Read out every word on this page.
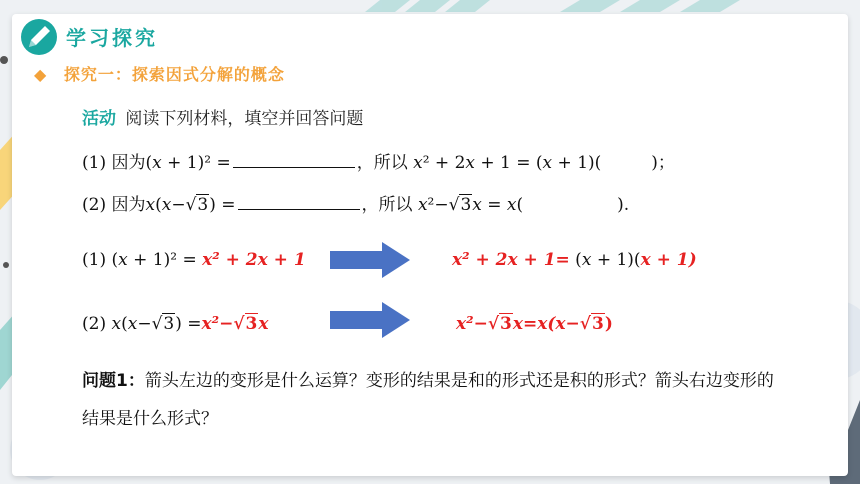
学习探究
◆ 探究一：探索因式分解的概念
活动 阅读下列材料，填空并回答问题
(1) 因为(x + 1)² =	，所以 x² + 2x + 1 = (x + 1)(	)；
(2) 因为x(x−√3) =	，所以 x²−√3x = x(	).
(1) (x + 1)² = x² + 2x + 1	x² + 2x + 1= (x + 1)(x + 1)
(2) x(x−√3) =x²−√3x	x²−√3x=x(x−√3)
问题1：箭头左边的变形是什么运算？变形的结果是和的形式还是积的形式？箭头右边变形的结果是什么形式？
